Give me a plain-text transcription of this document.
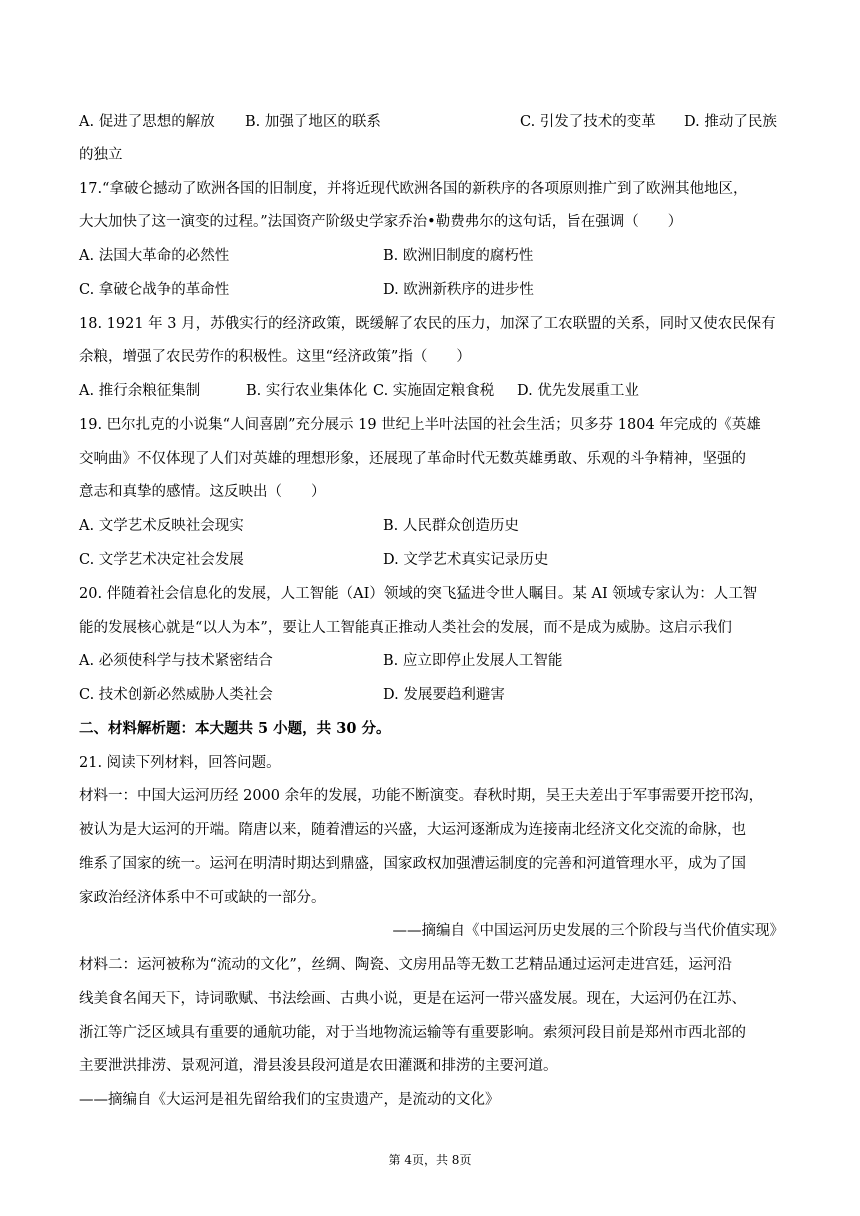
A. 促进了思想的解放 B. 加强了地区的联系	C. 引发了技术的变革 D. 推动了民族
的独立
17.“拿破仑撼动了欧洲各国的旧制度，并将近现代欧洲各国的新秩序的各项原则推广到了欧洲其他地区，
大大加快了这一演变的过程。”法国资产阶级史学家乔治•勒费弗尔的这句话，旨在强调（　　）
A. 法国大革命的必然性	B. 欧洲旧制度的腐朽性
C. 拿破仑战争的革命性	D. 欧洲新秩序的进步性
18. 1921 年 3 月，苏俄实行的经济政策，既缓解了农民的压力，加深了工农联盟的关系，同时又使农民保有
余粮，增强了农民劳作的积极性。这里“经济政策”指（　　）
A. 推行余粮征集制	B. 实行农业集体化 C. 实施固定粮食税 D. 优先发展重工业
19. 巴尔扎克的小说集“人间喜剧”充分展示 19 世纪上半叶法国的社会生活；贝多芬 1804 年完成的《英雄
交响曲》不仅体现了人们对英雄的理想形象，还展现了革命时代无数英雄勇敢、乐观的斗争精神，坚强的
意志和真挚的感情。这反映出（　　）
A. 文学艺术反映社会现实	B. 人民群众创造历史
C. 文学艺术决定社会发展	D. 文学艺术真实记录历史
20. 伴随着社会信息化的发展，人工智能（AI）领域的突飞猛进令世人瞩目。某 AI 领域专家认为：人工智
能的发展核心就是“以人为本”，要让人工智能真正推动人类社会的发展，而不是成为威胁。这启示我们
A. 必须使科学与技术紧密结合	B. 应立即停止发展人工智能
C. 技术创新必然威胁人类社会	D. 发展要趋利避害
二、材料解析题：本大题共 5 小题，共 30 分。
21. 阅读下列材料，回答问题。
材料一：中国大运河历经 2000 余年的发展，功能不断演变。春秋时期，吴王夫差出于军事需要开挖邗沟，
被认为是大运河的开端。隋唐以来，随着漕运的兴盛，大运河逐渐成为连接南北经济文化交流的命脉，也
维系了国家的统一。运河在明清时期达到鼎盛，国家政权加强漕运制度的完善和河道管理水平，成为了国
家政治经济体系中不可或缺的一部分。
——摘编自《中国运河历史发展的三个阶段与当代价值实现》
材料二：运河被称为“流动的文化”，丝绸、陶瓷、文房用品等无数工艺精品通过运河走进宫廷，运河沿
线美食名闻天下，诗词歌赋、书法绘画、古典小说，更是在运河一带兴盛发展。现在，大运河仍在江苏、
浙江等广泛区域具有重要的通航功能，对于当地物流运输等有重要影响。索须河段目前是郑州市西北部的
主要泄洪排涝、景观河道，滑县浚县段河道是农田灌溉和排涝的主要河道。
——摘编自《大运河是祖先留给我们的宝贵遗产，是流动的文化》
第 4页，共 8页
